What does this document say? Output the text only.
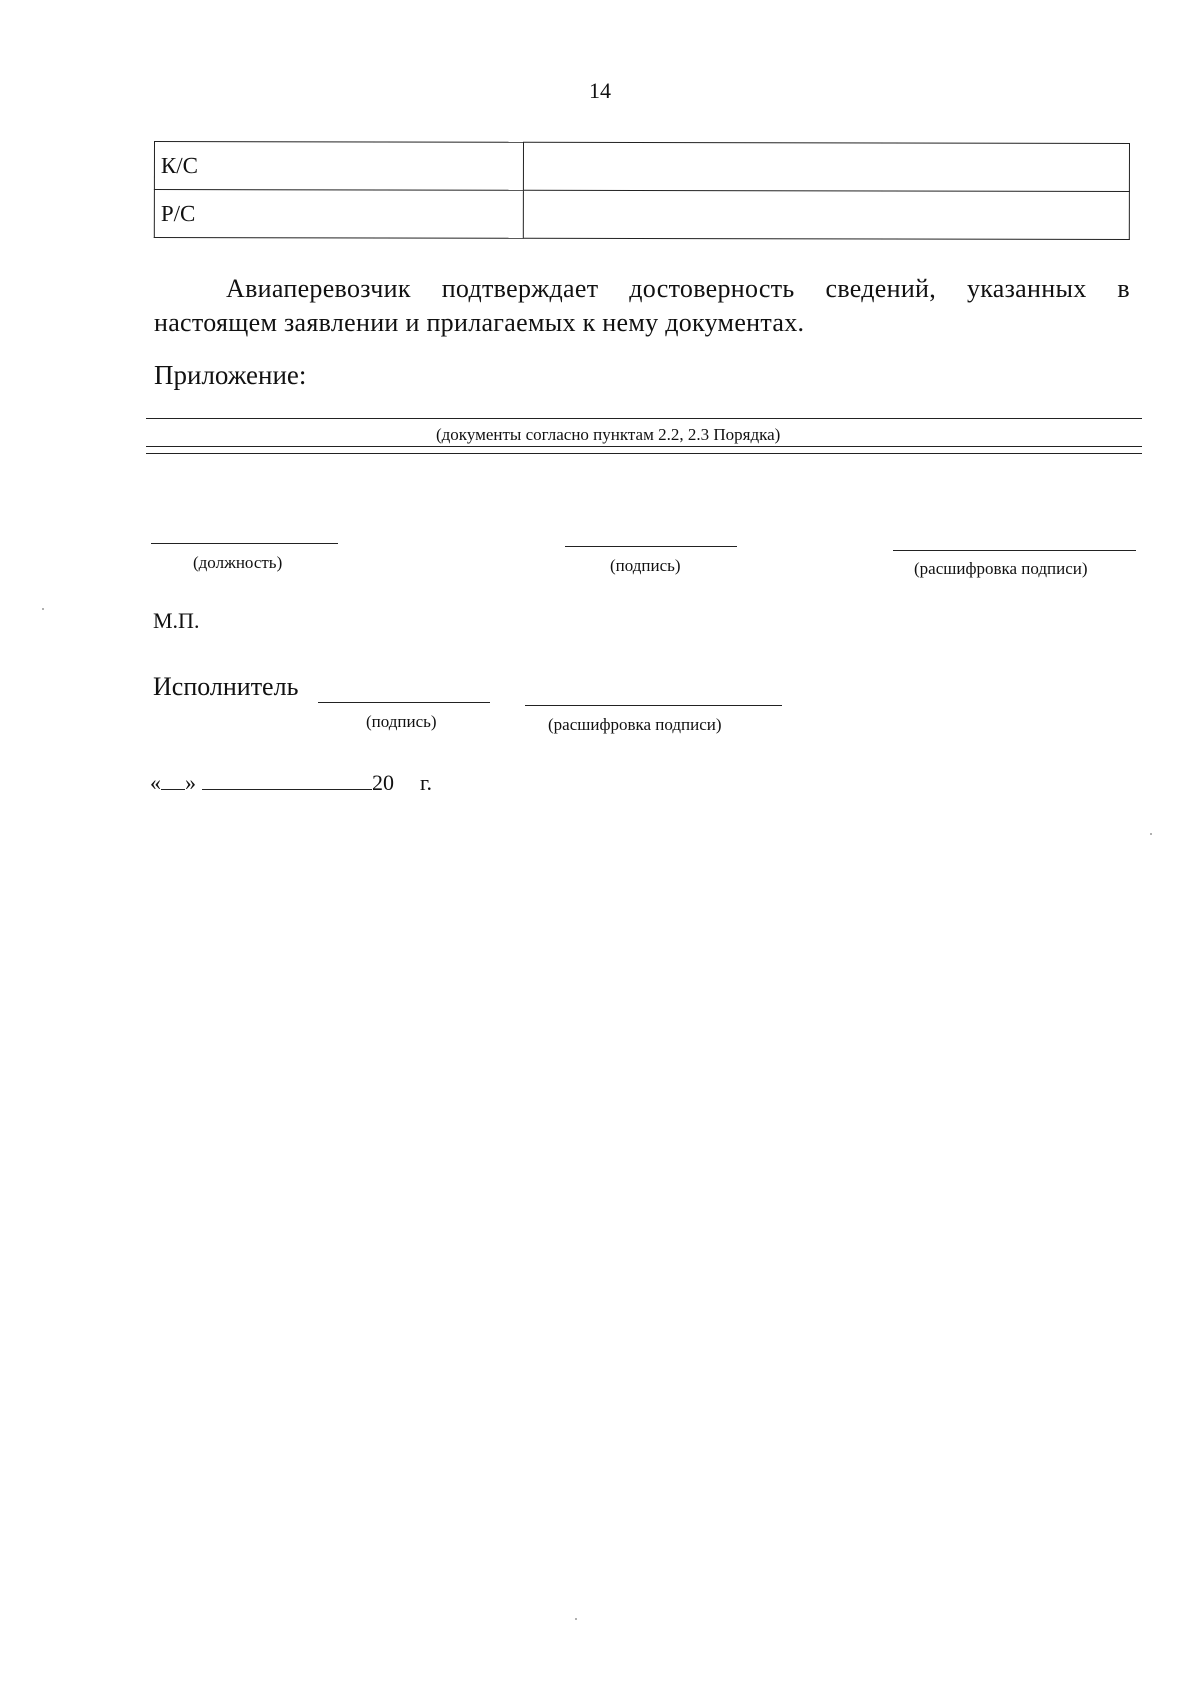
14
К/С	
Р/С	
Авиаперевозчик подтверждает достоверность сведений, указанных в настоящем заявлении и прилагаемых к нему документах.
Приложение:
(документы согласно пунктам 2.2, 2.3 Порядка)
(должность)	(подпись)	(расшифровка подписи)
М.П.
Исполнитель
(подпись)	(расшифровка подписи)
« »	20 г.
